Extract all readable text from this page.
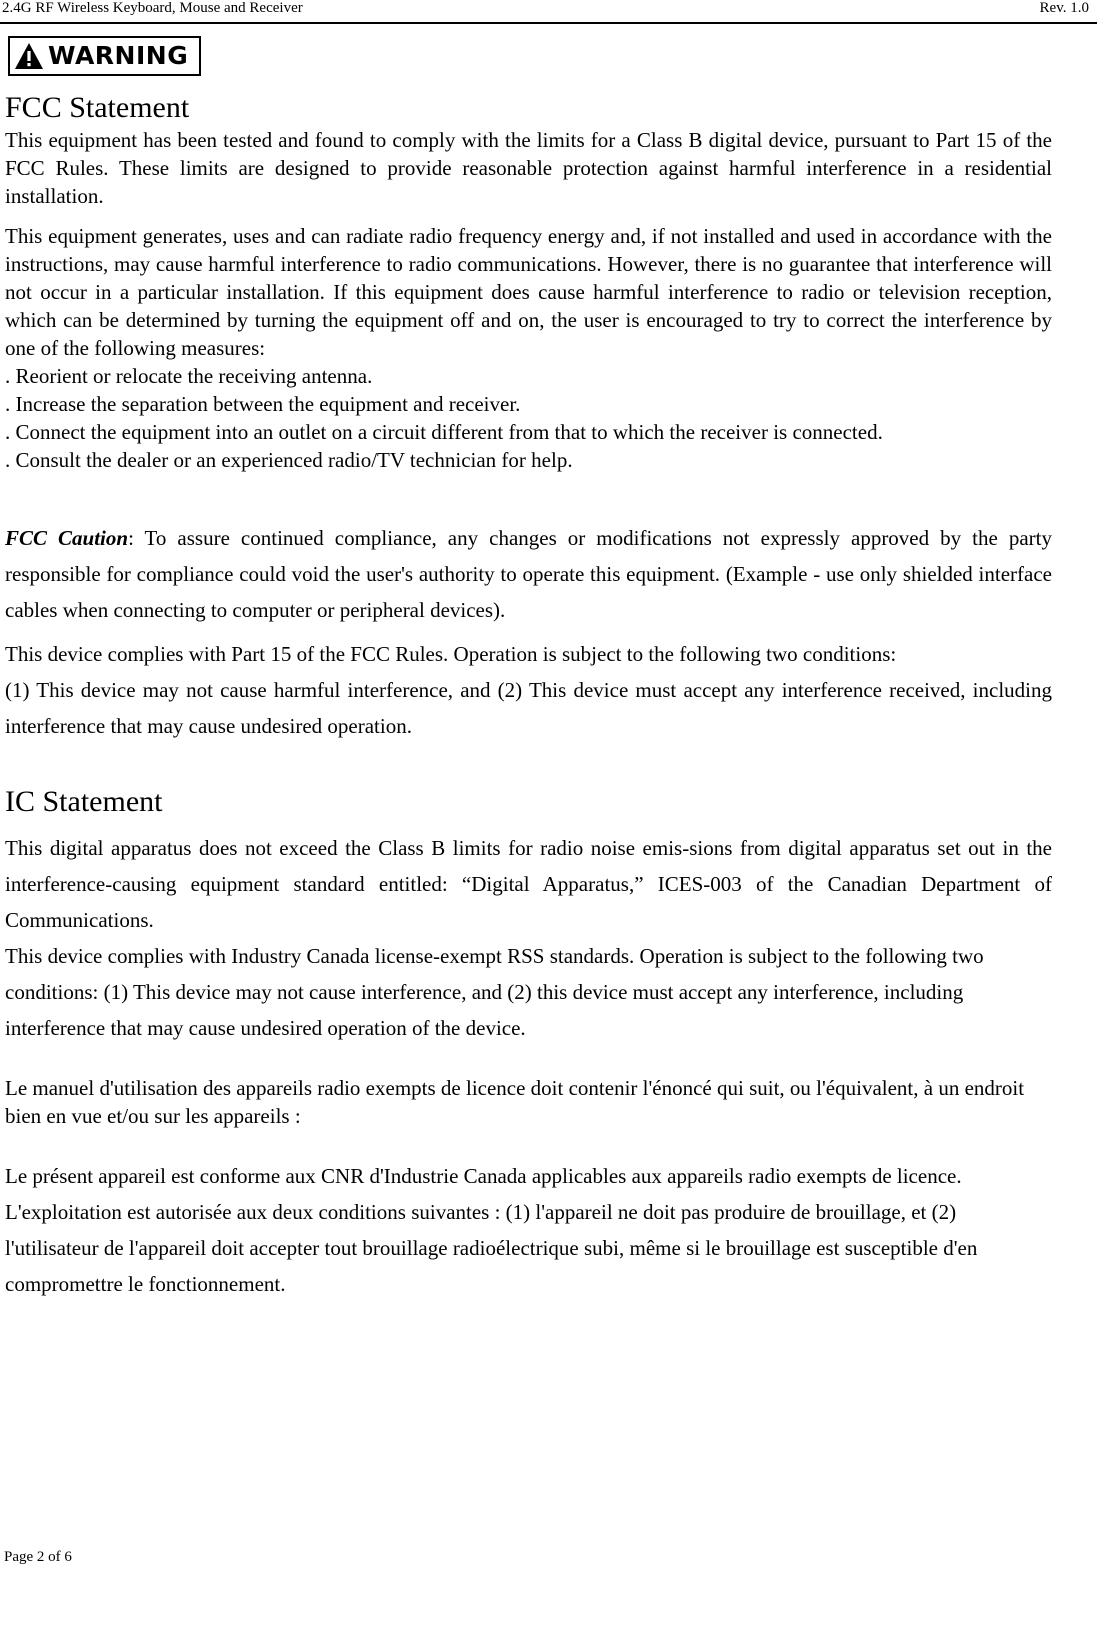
2.4G RF Wireless Keyboard, Mouse and Receiver	Rev. 1.0
WARNING
FCC Statement

This equipment has been tested and found to comply with the limits for a Class B digital device, pursuant to Part 15 of the FCC Rules. These limits are designed to provide reasonable protection against harmful interference in a residential installation.

This equipment generates, uses and can radiate radio frequency energy and, if not installed and used in accordance with the instructions, may cause harmful interference to radio communications. However, there is no guarantee that interference will not occur in a particular installation. If this equipment does cause harmful interference to radio or television reception, which can be determined by turning the equipment off and on, the user is encouraged to try to correct the interference by one of the following measures:

. Reorient or relocate the receiving antenna.

. Increase the separation between the equipment and receiver.

. Connect the equipment into an outlet on a circuit different from that to which the receiver is connected.

. Consult the dealer or an experienced radio/TV technician for help.

FCC Caution: To assure continued compliance, any changes or modifications not expressly approved by the party responsible for compliance could void the user's authority to operate this equipment. (Example - use only shielded interface cables when connecting to computer or peripheral devices).

This device complies with Part 15 of the FCC Rules. Operation is subject to the following two conditions:

(1) This device may not cause harmful interference, and (2) This device must accept any interference received, including interference that may cause undesired operation.

IC Statement

This digital apparatus does not exceed the Class B limits for radio noise emis-sions from digital apparatus set out in the interference-causing equipment standard entitled: “Digital Apparatus,” ICES-003 of the Canadian Department of Communications.

This device complies with Industry Canada license-exempt RSS standards. Operation is subject to the following two conditions: (1) This device may not cause interference, and (2) this device must accept any interference, including interference that may cause undesired operation of the device.

Le manuel d'utilisation des appareils radio exempts de licence doit contenir l'énoncé qui suit, ou l'équivalent, à un endroit bien en vue et/ou sur les appareils :

Le présent appareil est conforme aux CNR d'Industrie Canada applicables aux appareils radio exempts de licence. L'exploitation est autorisée aux deux conditions suivantes : (1) l'appareil ne doit pas produire de brouillage, et (2) l'utilisateur de l'appareil doit accepter tout brouillage radioélectrique subi, même si le brouillage est susceptible d'en compromettre le fonctionnement.

Page 2 of 6
